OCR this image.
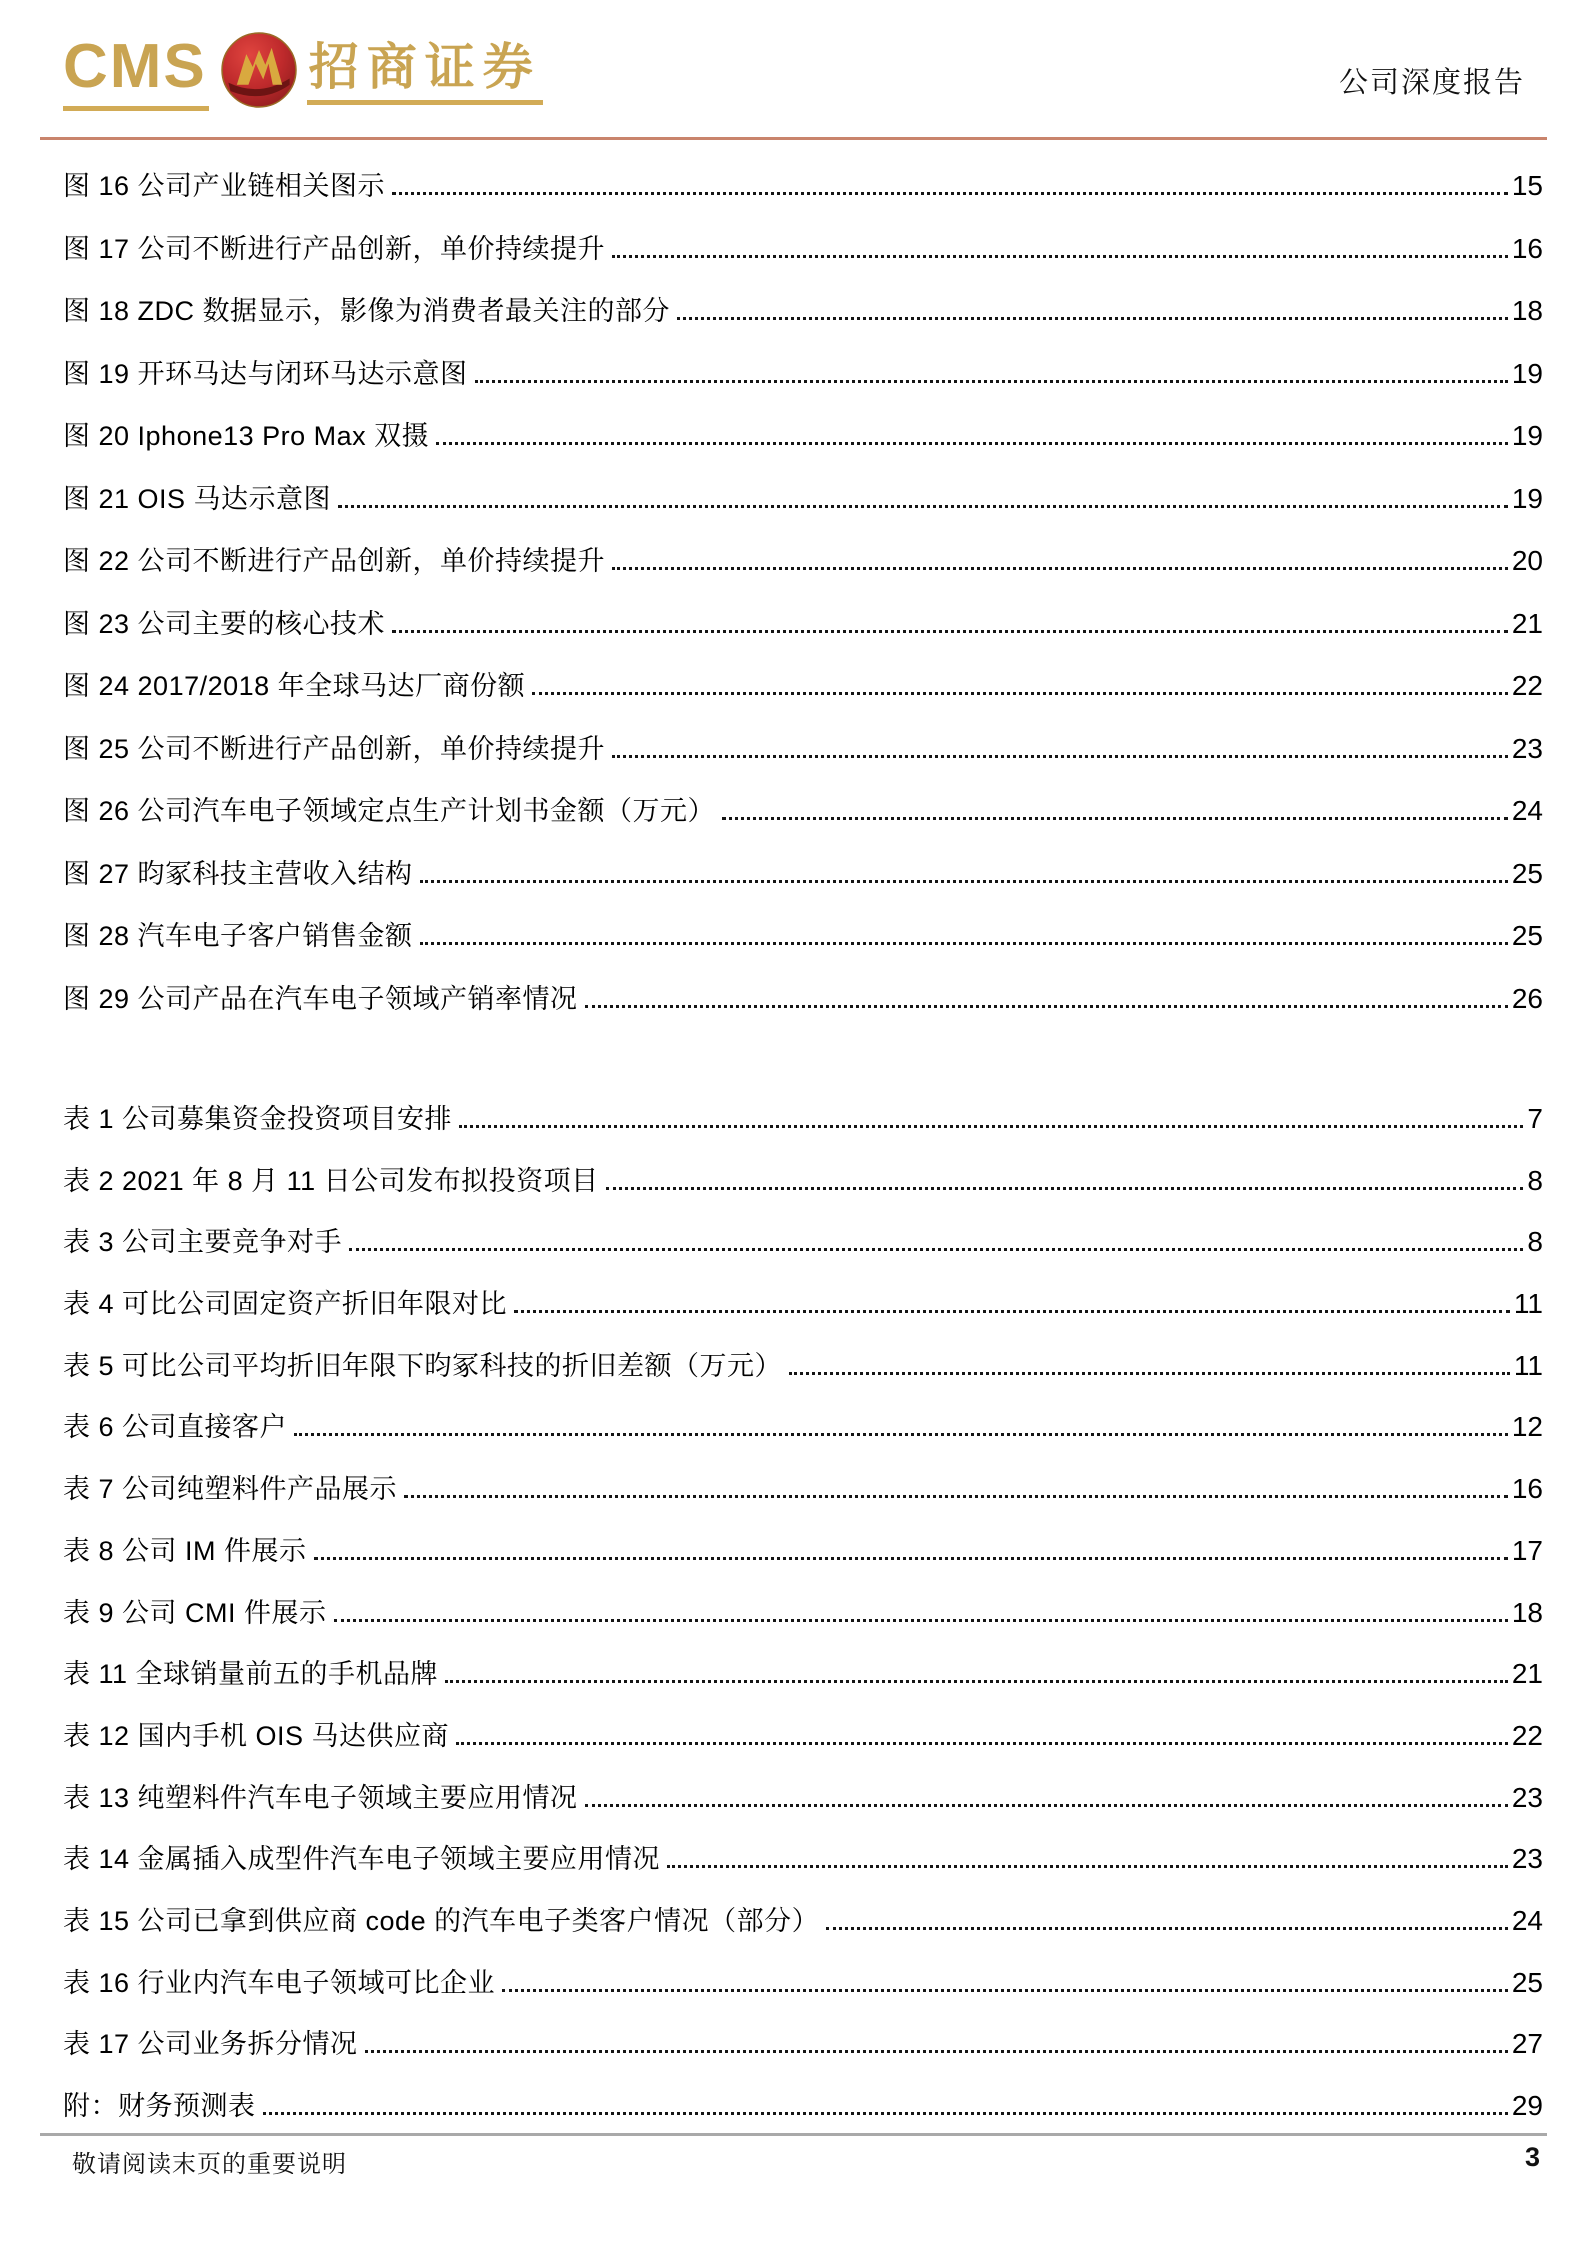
CMS 招商证券	公司深度报告
图 16 公司产业链相关图示	15
图 17 公司不断进行产品创新，单价持续提升	16
图 18 ZDC 数据显示，影像为消费者最关注的部分	18
图 19 开环马达与闭环马达示意图	19
图 20 Iphone13 Pro Max 双摄	19
图 21 OIS 马达示意图	19
图 22 公司不断进行产品创新，单价持续提升	20
图 23 公司主要的核心技术	21
图 24 2017/2018 年全球马达厂商份额	22
图 25 公司不断进行产品创新，单价持续提升	23
图 26 公司汽车电子领域定点生产计划书金额（万元）	24
图 27 昀冢科技主营收入结构	25
图 28 汽车电子客户销售金额	25
图 29 公司产品在汽车电子领域产销率情况	26
表 1 公司募集资金投资项目安排	7
表 2 2021 年 8 月 11 日公司发布拟投资项目	8
表 3 公司主要竞争对手	8
表 4 可比公司固定资产折旧年限对比	11
表 5 可比公司平均折旧年限下昀冢科技的折旧差额（万元）	11
表 6 公司直接客户	12
表 7 公司纯塑料件产品展示	16
表 8 公司 IM 件展示	17
表 9 公司 CMI 件展示	18
表 11 全球销量前五的手机品牌	21
表 12 国内手机 OIS 马达供应商	22
表 13 纯塑料件汽车电子领域主要应用情况	23
表 14 金属插入成型件汽车电子领域主要应用情况	23
表 15 公司已拿到供应商 code 的汽车电子类客户情况（部分）	24
表 16 行业内汽车电子领域可比企业	25
表 17 公司业务拆分情况	27
附：财务预测表	29
敬请阅读末页的重要说明	3
